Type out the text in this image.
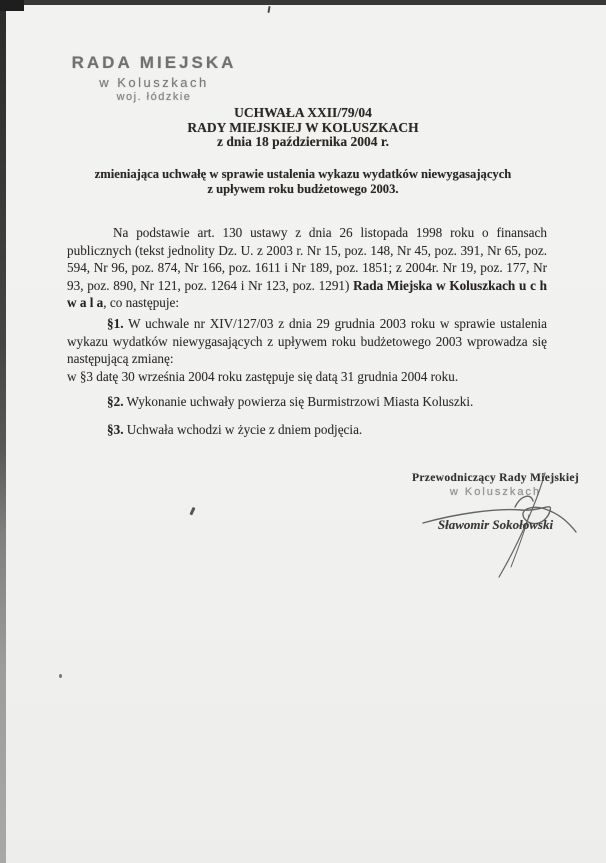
RADA MIEJSKA
w Koluszkach
woj. łódzkie
UCHWAŁA XXII/79/04
RADY MIEJSKIEJ W KOLUSZKACH
z dnia 18 października 2004 r.
zmieniająca uchwałę w sprawie ustalenia wykazu wydatków niewygasających
z upływem roku budżetowego 2003.
Na podstawie art. 130 ustawy z dnia 26 listopada 1998 roku o finansach publicznych (tekst jednolity Dz. U. z 2003 r. Nr 15, poz. 148, Nr 45, poz. 391, Nr 65, poz. 594, Nr 96, poz. 874, Nr 166, poz. 1611 i Nr 189, poz. 1851; z 2004r. Nr 19, poz. 177, Nr 93, poz. 890, Nr 121, poz. 1264 i Nr 123, poz. 1291) Rada Miejska w Koluszkach u c h w a l a, co następuje:
§1. W uchwale nr XIV/127/03 z dnia 29 grudnia 2003 roku w sprawie ustalenia wykazu wydatków niewygasających z upływem roku budżetowego 2003 wprowadza się następującą zmianę:
w §3 datę 30 września 2004 roku zastępuje się datą 31 grudnia 2004 roku.
§2. Wykonanie uchwały powierza się Burmistrzowi Miasta Koluszki.
§3. Uchwała wchodzi w życie z dniem podjęcia.
Przewodniczący Rady Miejskiej
w Koluszkach
Sławomir Sokołowski
